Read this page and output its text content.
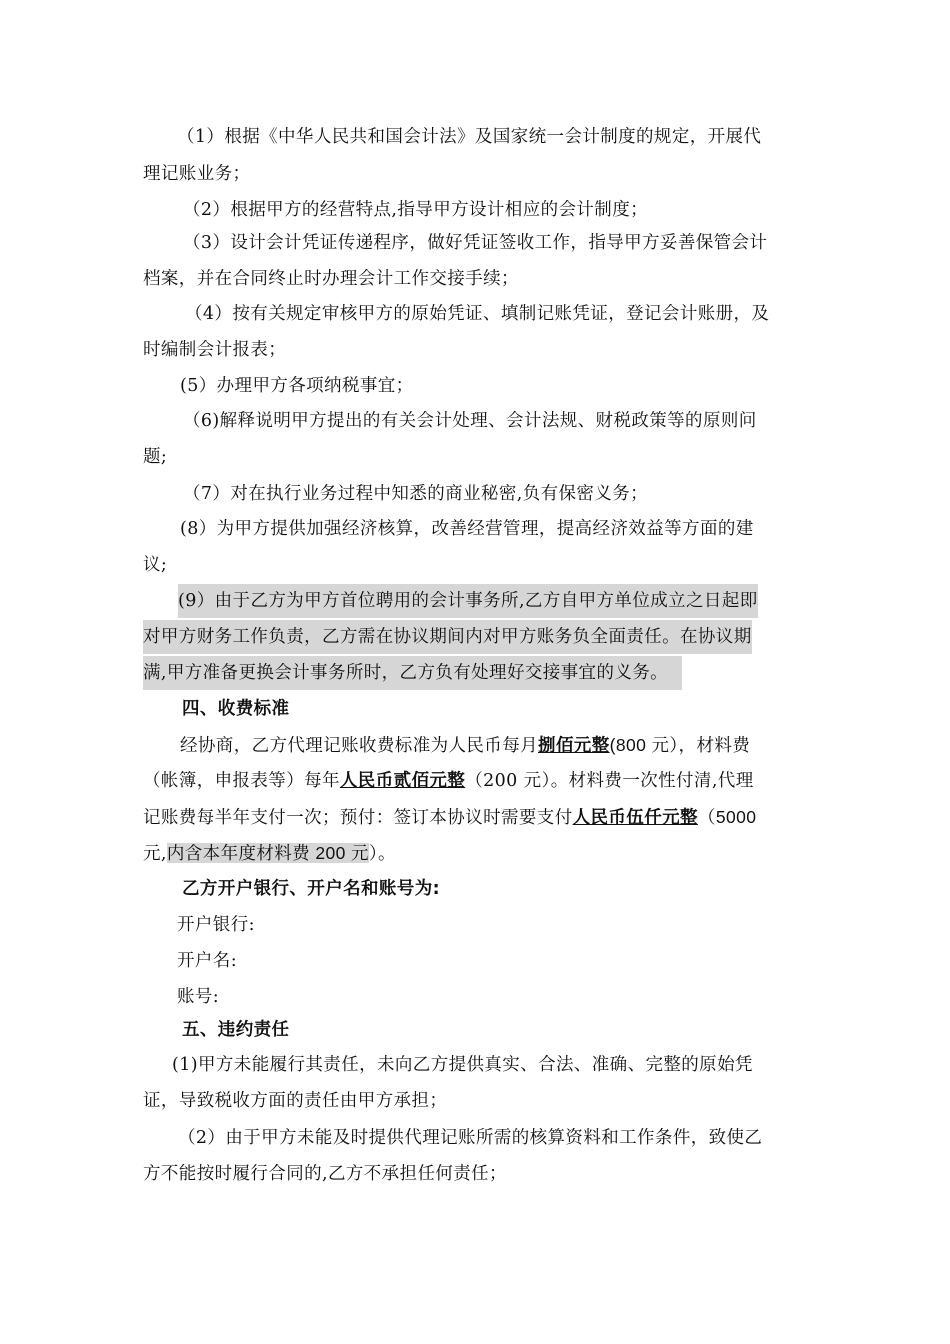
（1）根据《中华人民共和国会计法》及国家统一会计制度的规定，开展代
理记账业务；
（2）根据甲方的经营特点,指导甲方设计相应的会计制度；
（3）设计会计凭证传递程序，做好凭证签收工作，指导甲方妥善保管会计
档案，并在合同终止时办理会计工作交接手续；
（4）按有关规定审核甲方的原始凭证、填制记账凭证，登记会计账册，及
时编制会计报表；
(5）办理甲方各项纳税事宜；
（6)解释说明甲方提出的有关会计处理、会计法规、财税政策等的原则问
题;
（7）对在执行业务过程中知悉的商业秘密,负有保密义务；
(8）为甲方提供加强经济核算，改善经营管理，提高经济效益等方面的建
议;
(9）由于乙方为甲方首位聘用的会计事务所,乙方自甲方单位成立之日起即
对甲方财务工作负责，乙方需在协议期间内对甲方账务负全面责任。在协议期
满,甲方准备更换会计事务所时，乙方负有处理好交接事宜的义务。
四、收费标准
经协商，乙方代理记账收费标准为人民币每月捌佰元整(800 元），材料费
（帐簿，申报表等）每年人民币贰佰元整（200 元）。材料费一次性付清,代理
记账费每半年支付一次；预付：签订本协议时需要支付人民币伍仟元整（5000
元,内含本年度材料费 200 元）。
乙方开户银行、开户名和账号为:
开户银行:
开户名:
账号:
五、违约责任
(1)甲方未能履行其责任，未向乙方提供真实、合法、准确、完整的原始凭
证，导致税收方面的责任由甲方承担；
（2）由于甲方未能及时提供代理记账所需的核算资料和工作条件，致使乙
方不能按时履行合同的,乙方不承担任何责任；
